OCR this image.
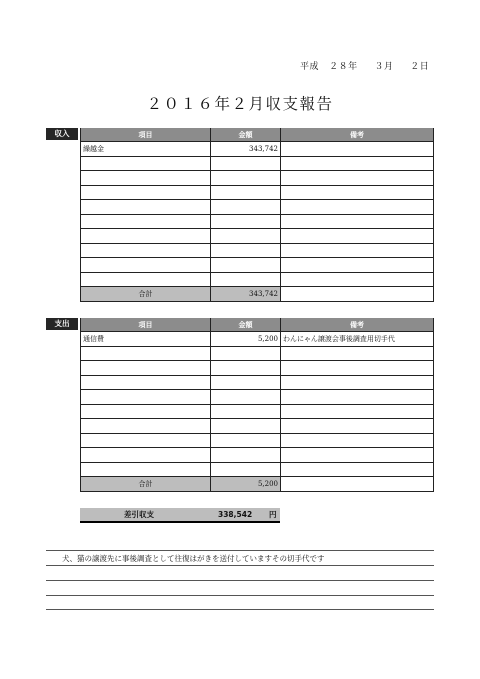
平成 ２８年 ３月 ２日
２０１６年２月収支報告
収入	項目	金額	備考
繰越金	343,742	

合計	343,742	
支出	項目	金額	備考
通信費	5,200	わんにゃん譲渡会事後調査用切手代

合計	5,200	
差引収支	338,542 円
犬、猫の譲渡先に事後調査として往復はがきを送付していますその切手代です
